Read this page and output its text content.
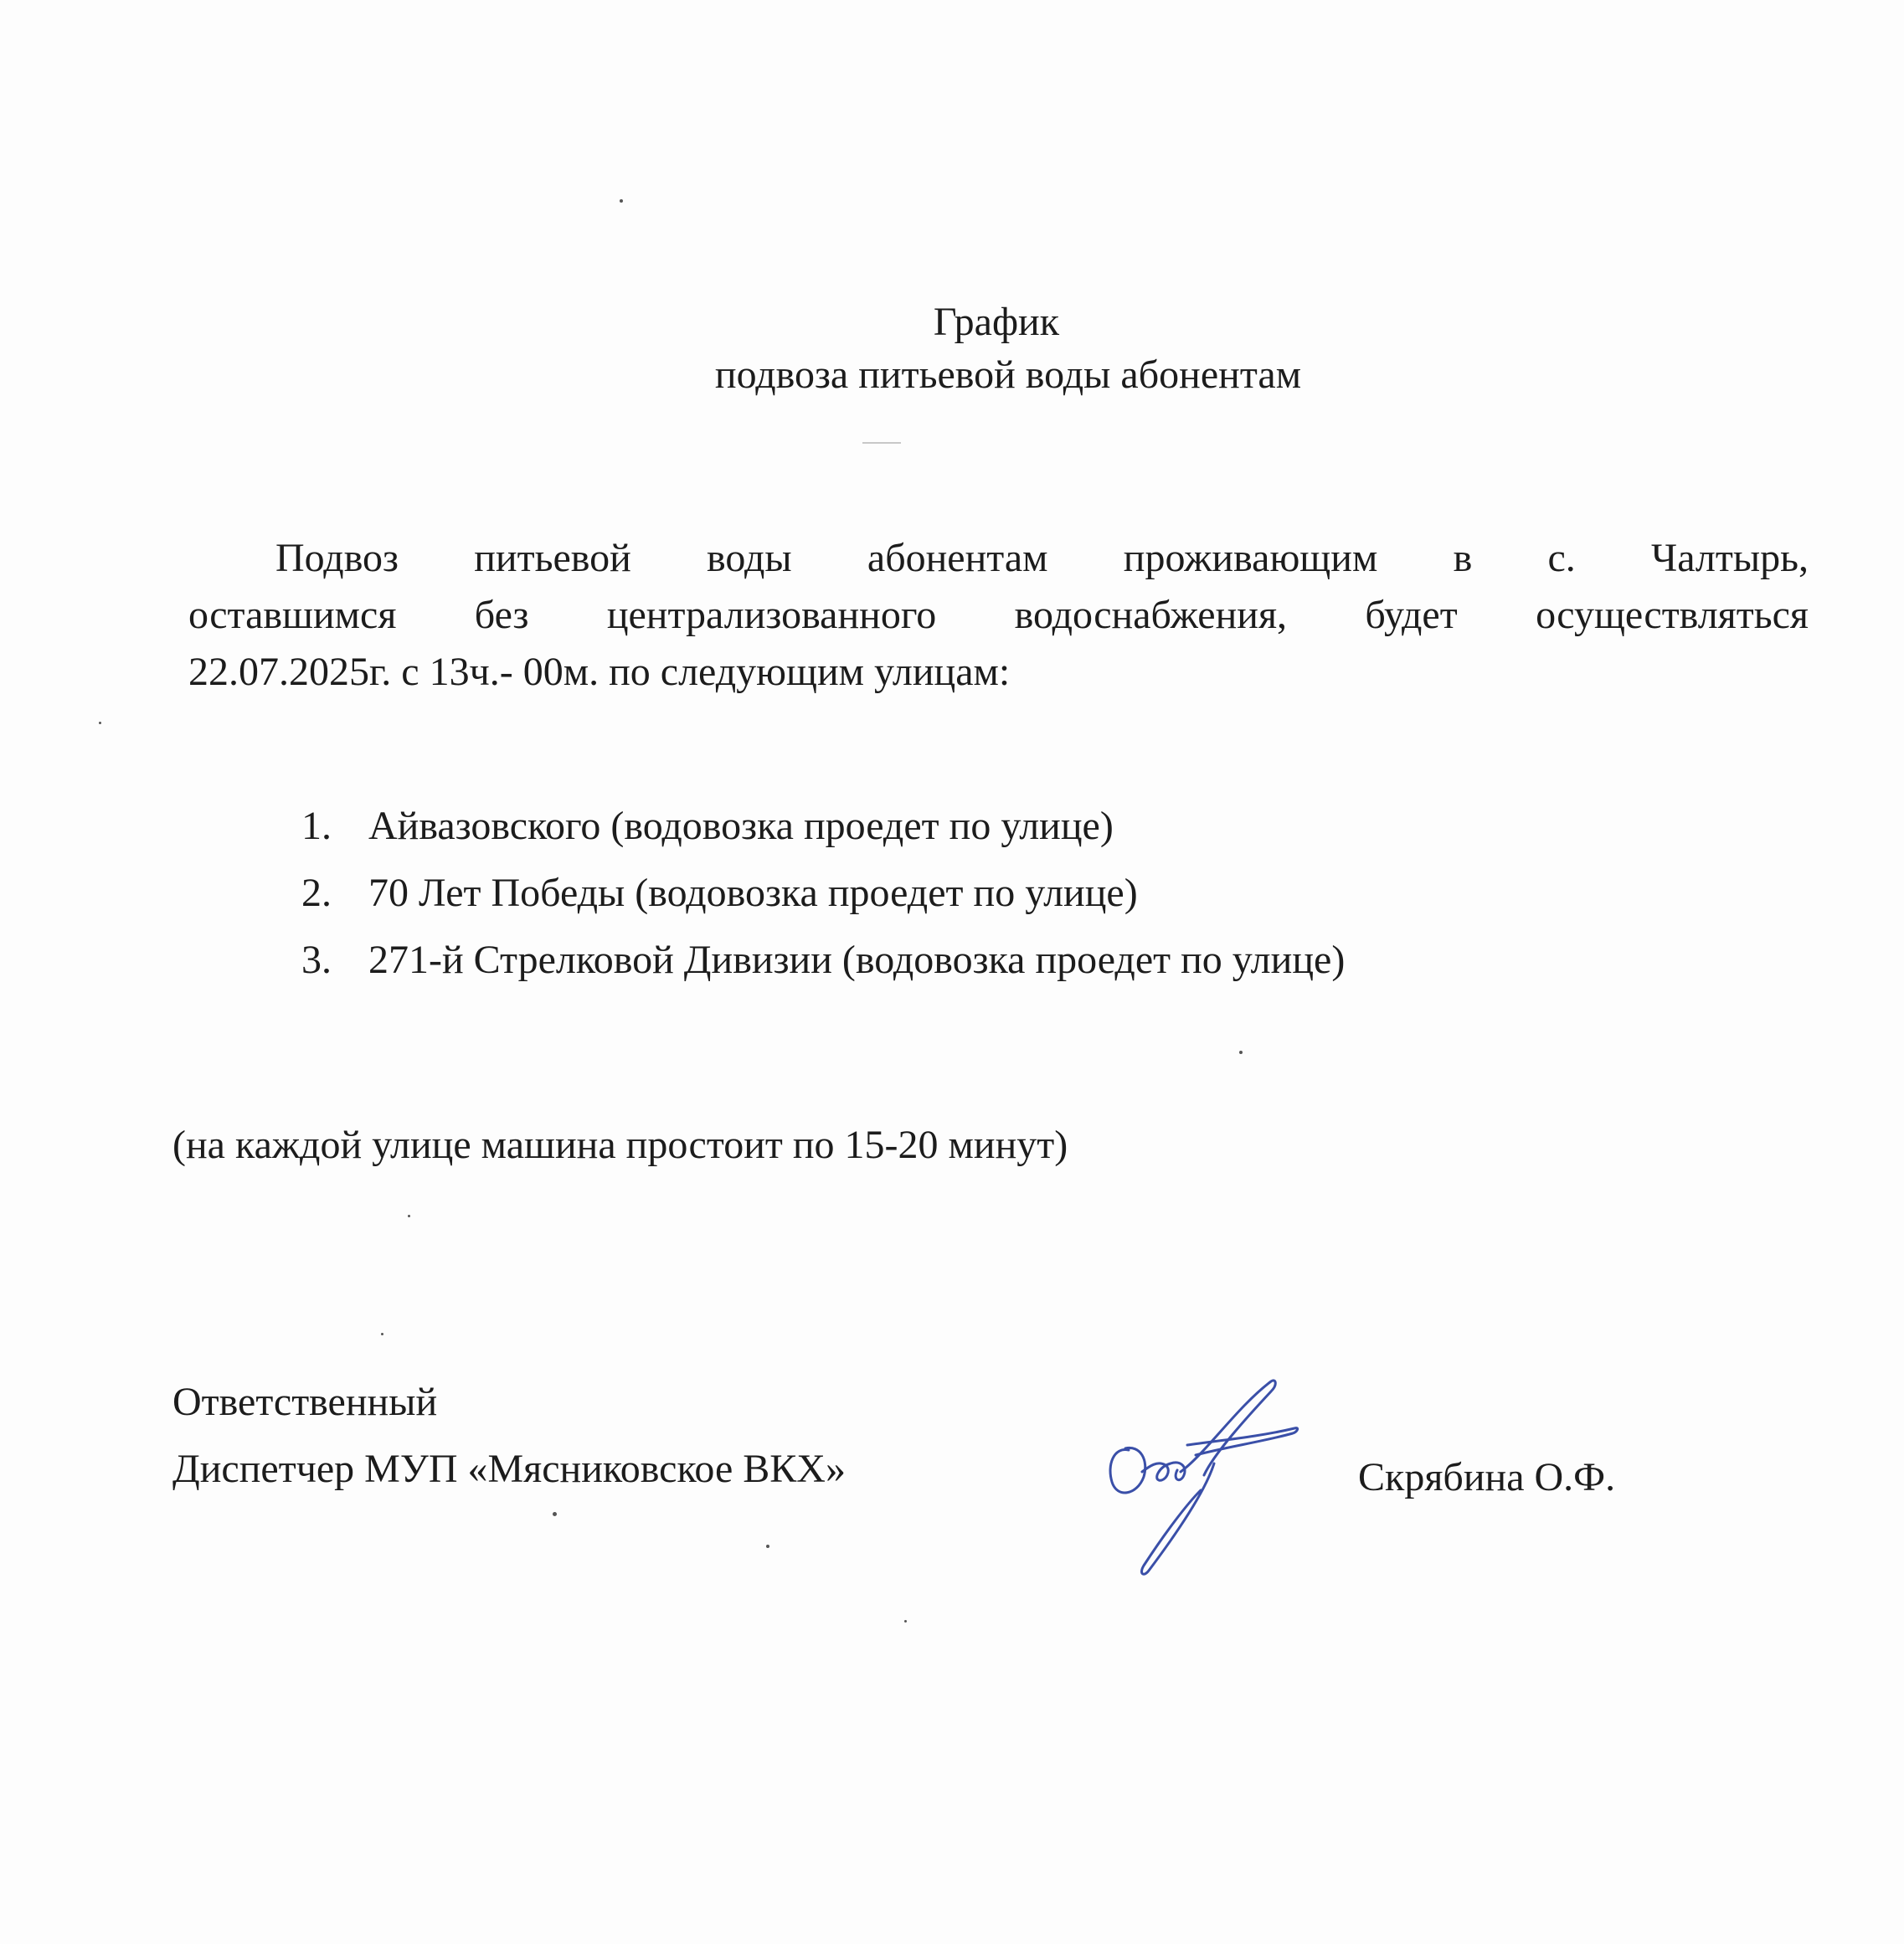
График
подвоза питьевой воды абонентам
Подвоз питьевой воды абонентам проживающим в с. Чалтырь,
оставшимся без централизованного водоснабжения, будет осуществляться
22.07.2025г. с 13ч.- 00м. по следующим улицам:
1. Айвазовского (водовозка проедет по улице)
2. 70 Лет Победы (водовозка проедет по улице)
3. 271-й Стрелковой Дивизии (водовозка проедет по улице)
(на каждой улице машина простоит по 15-20 минут)
Ответственный
Диспетчер МУП «Мясниковское ВКХ»	Скрябина О.Ф.
